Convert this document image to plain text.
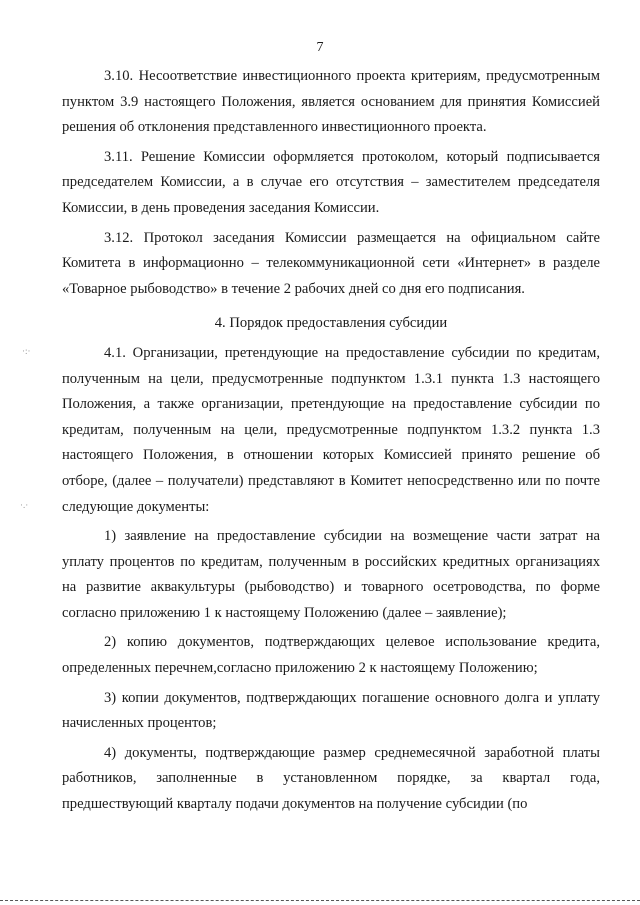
7

3.10. Несоответствие инвестиционного проекта критериям, предусмотренным пунктом 3.9 настоящего Положения, является основанием для принятия Комиссией решения об отклонения представленного инвестиционного проекта.

3.11. Решение Комиссии оформляется протоколом, который подписывается председателем Комиссии, а в случае его отсутствия – заместителем председателя Комиссии, в день проведения заседания Комиссии.

3.12. Протокол заседания Комиссии размещается на официальном сайте Комитета в информационно – телекоммуникационной сети «Интернет» в разделе «Товарное рыбоводство» в течение 2 рабочих дней со дня его подписания.

4. Порядок предоставления субсидии

4.1. Организации, претендующие на предоставление субсидии по кредитам, полученным на цели, предусмотренные подпунктом 1.3.1 пункта 1.3 настоящего Положения, а также организации, претендующие на предоставление субсидии по кредитам, полученным на цели, предусмотренные подпунктом 1.3.2 пункта 1.3 настоящего Положения, в отношении которых Комиссией принято решение об отборе, (далее – получатели) представляют в Комитет непосредственно или по почте следующие документы:

1) заявление на предоставление субсидии на возмещение части затрат на уплату процентов по кредитам, полученным в российских кредитных организациях на развитие аквакультуры (рыбоводство) и товарного осетроводства, по форме согласно приложению 1 к настоящему Положению (далее – заявление);

2) копию документов, подтверждающих целевое использование кредита, определенных перечнем,согласно приложению 2 к настоящему Положению;

3) копии документов, подтверждающих погашение основного долга и уплату начисленных процентов;

4) документы, подтверждающие размер среднемесячной заработной платы работников, заполненные в установленном порядке, за квартал года, предшествующий кварталу подачи документов на получение субсидии (по

·:·
·.·
